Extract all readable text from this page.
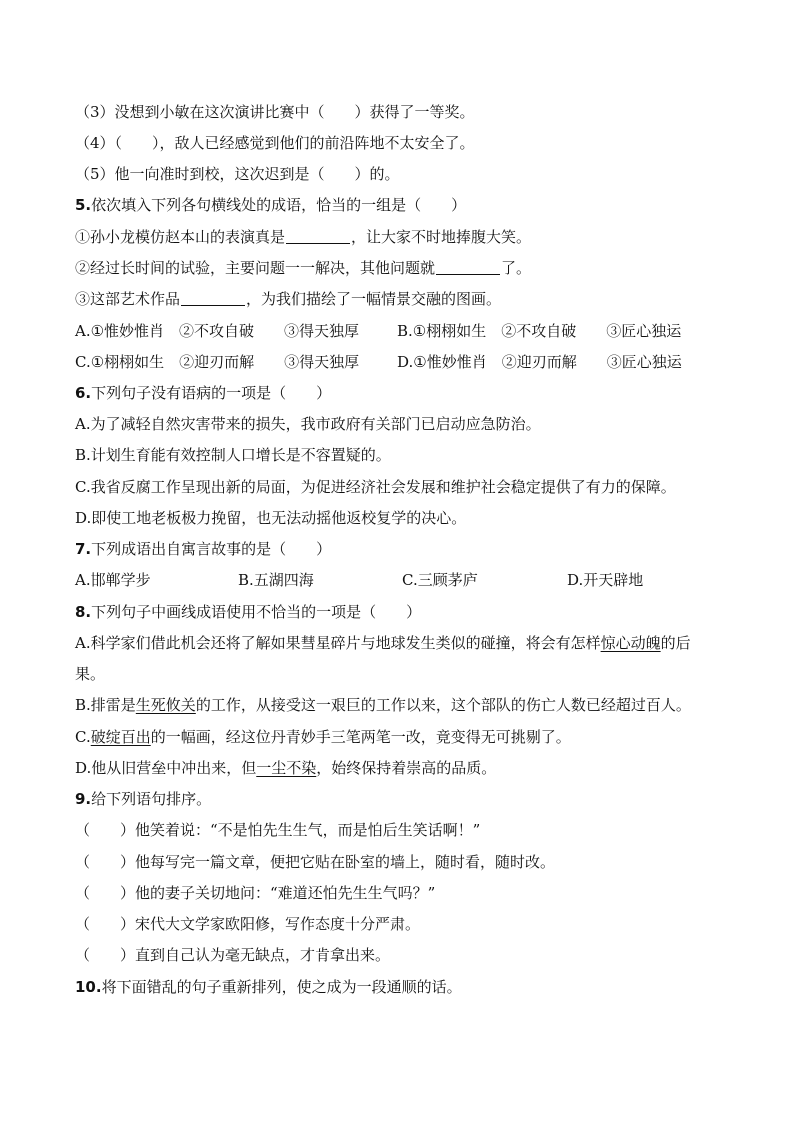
（3）没想到小敏在这次演讲比赛中（　　）获得了一等奖。
（4）（　　），敌人已经感觉到他们的前沿阵地不太安全了。
（5）他一向准时到校，这次迟到是（　　）的。
5.依次填入下列各句横线处的成语，恰当的一组是（　　）
①孙小龙模仿赵本山的表演真是	，让大家不时地捧腹大笑。
②经过长时间的试验，主要问题一一解决，其他问题就	了。
③这部艺术作品	，为我们描绘了一幅情景交融的图画。
A.①惟妙惟肖　②不攻自破　　③得天独厚	B.①栩栩如生　②不攻自破　　③匠心独运
C.①栩栩如生　②迎刃而解　　③得天独厚	D.①惟妙惟肖　②迎刃而解　　③匠心独运
6.下列句子没有语病的一项是（　　）
A.为了减轻自然灾害带来的损失，我市政府有关部门已启动应急防治。
B.计划生育能有效控制人口增长是不容置疑的。
C.我省反腐工作呈现出新的局面，为促进经济社会发展和维护社会稳定提供了有力的保障。
D.即使工地老板极力挽留，也无法动摇他返校复学的决心。
7.下列成语出自寓言故事的是（　　）
A.邯郸学步	B.五湖四海	C.三顾茅庐	D.开天辟地
8.下列句子中画线成语使用不恰当的一项是（　　）
A.科学家们借此机会还将了解如果彗星碎片与地球发生类似的碰撞，将会有怎样惊心动魄的后
果。
B.排雷是生死攸关的工作，从接受这一艰巨的工作以来，这个部队的伤亡人数已经超过百人。
C.破绽百出的一幅画，经这位丹青妙手三笔两笔一改，竟变得无可挑剔了。
D.他从旧营垒中冲出来，但一尘不染，始终保持着崇高的品质。
9.给下列语句排序。
（　　）他笑着说：“不是怕先生生气，而是怕后生笑话啊！”
（　　）他每写完一篇文章，便把它贴在卧室的墙上，随时看，随时改。
（　　）他的妻子关切地问：“难道还怕先生生气吗？”
（　　）宋代大文学家欧阳修，写作态度十分严肃。
（　　）直到自己认为毫无缺点，才肯拿出来。
10.将下面错乱的句子重新排列，使之成为一段通顺的话。
